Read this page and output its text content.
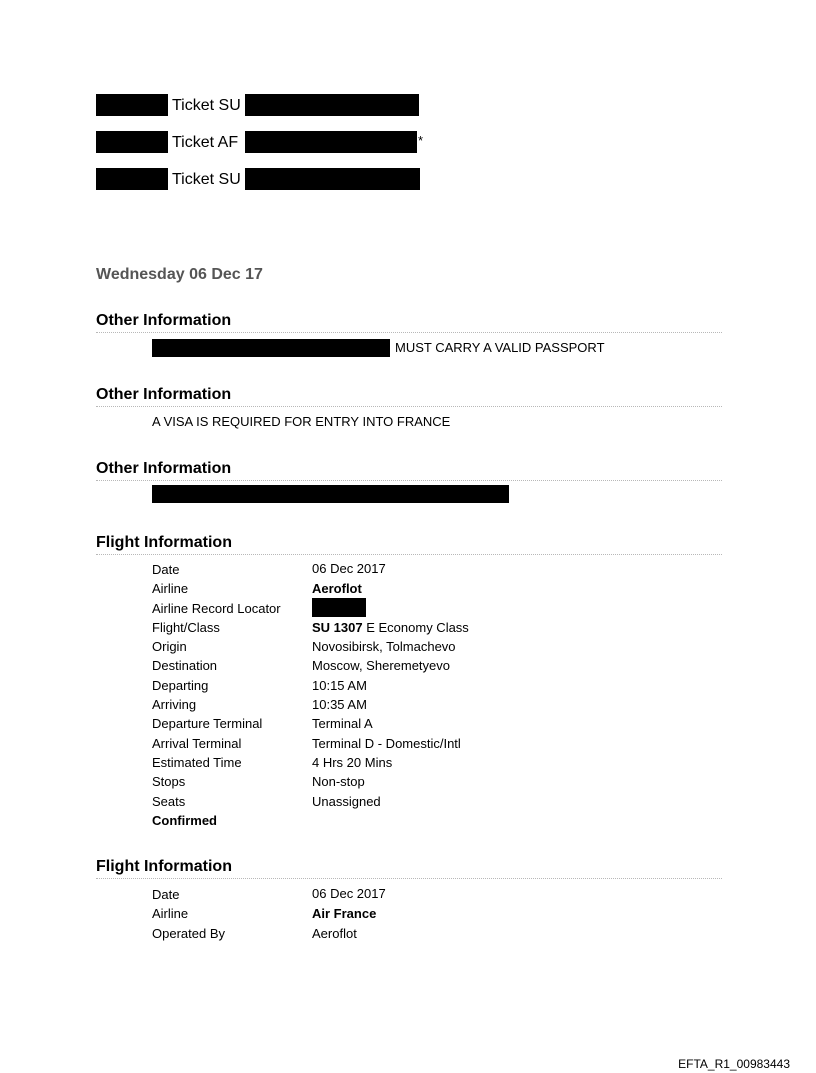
Ticket SU
Ticket AF	*
Ticket SU
Wednesday 06 Dec 17
Other Information
MUST CARRY A VALID PASSPORT
Other Information
A VISA IS REQUIRED FOR ENTRY INTO FRANCE
Other Information
Flight Information
Date	06 Dec 2017
Airline	Aeroflot
Airline Record Locator
Flight/Class	SU 1307 E Economy Class
Origin	Novosibirsk, Tolmachevo
Destination	Moscow, Sheremetyevo
Departing	10:15 AM
Arriving	10:35 AM
Departure Terminal	Terminal A
Arrival Terminal	Terminal D - Domestic/Intl
Estimated Time	4 Hrs 20 Mins
Stops	Non-stop
Seats	Unassigned
Confirmed
Flight Information
Date	06 Dec 2017
Airline	Air France
Operated By	Aeroflot
EFTA_R1_00983443
